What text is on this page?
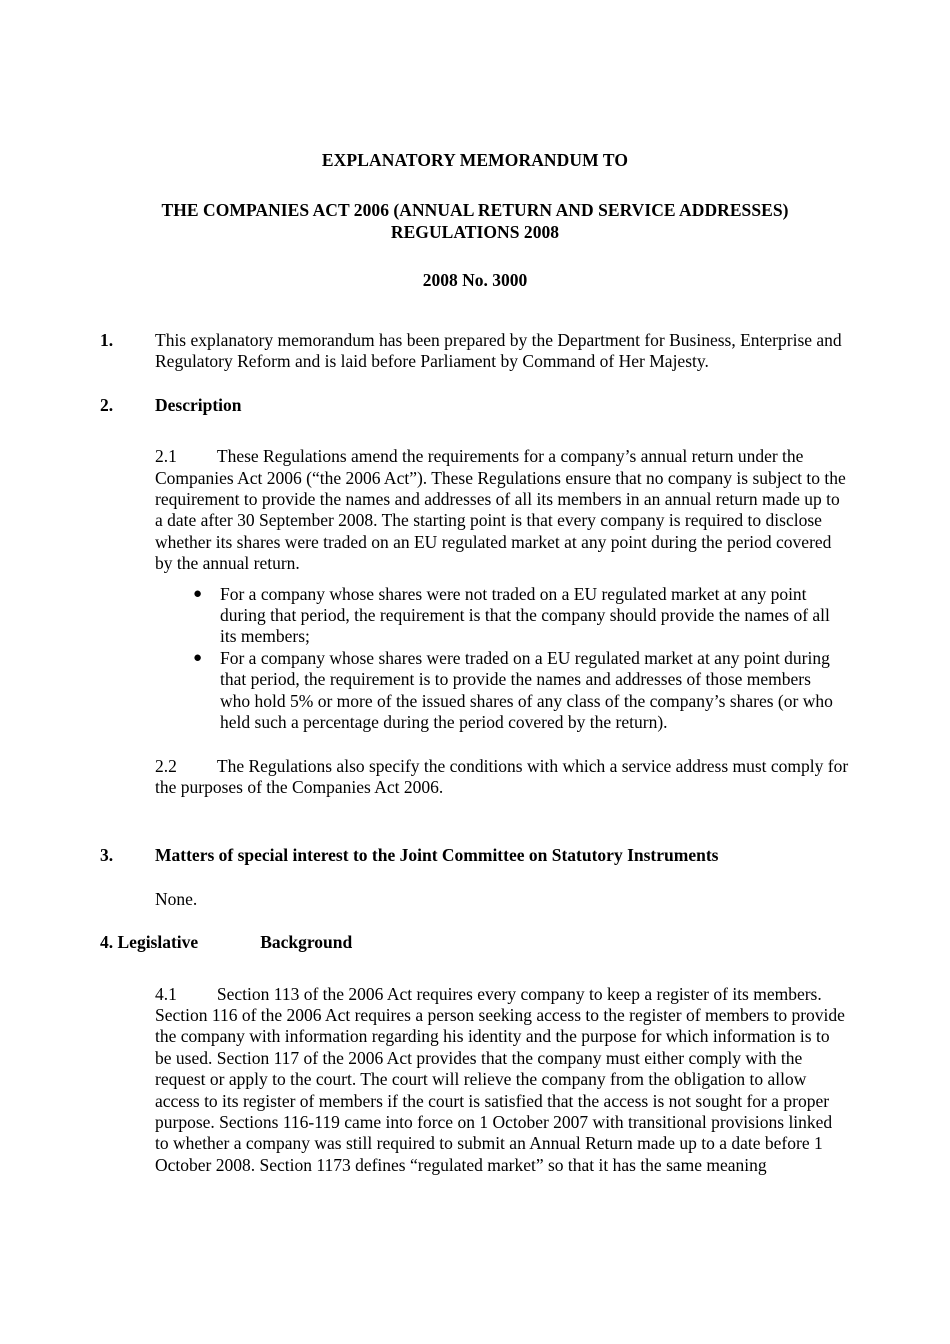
EXPLANATORY MEMORANDUM TO
THE COMPANIES ACT 2006 (ANNUAL RETURN AND SERVICE ADDRESSES)
REGULATIONS 2008
2008 No. 3000
1. This explanatory memorandum has been prepared by the Department for Business, Enterprise and Regulatory Reform and is laid before Parliament by Command of Her Majesty.
2. Description
2.1 These Regulations amend the requirements for a company’s annual return under the Companies Act 2006 (“the 2006 Act”). These Regulations ensure that no company is subject to the requirement to provide the names and addresses of all its members in an annual return made up to a date after 30 September 2008. The starting point is that every company is required to disclose whether its shares were traded on an EU regulated market at any point during the period covered by the annual return.
● For a company whose shares were not traded on a EU regulated market at any point during that period, the requirement is that the company should provide the names of all its members;
● For a company whose shares were traded on a EU regulated market at any point during that period, the requirement is to provide the names and addresses of those members who hold 5% or more of the issued shares of any class of the company’s shares (or who held such a percentage during the period covered by the return).
2.2 The Regulations also specify the conditions with which a service address must comply for the purposes of the Companies Act 2006.
3. Matters of special interest to the Joint Committee on Statutory Instruments
None.
4. Legislative	Background
4.1 Section 113 of the 2006 Act requires every company to keep a register of its members. Section 116 of the 2006 Act requires a person seeking access to the register of members to provide the company with information regarding his identity and the purpose for which information is to be used. Section 117 of the 2006 Act provides that the company must either comply with the request or apply to the court. The court will relieve the company from the obligation to allow access to its register of members if the court is satisfied that the access is not sought for a proper purpose. Sections 116-119 came into force on 1 October 2007 with transitional provisions linked to whether a company was still required to submit an Annual Return made up to a date before 1 October 2008. Section 1173 defines “regulated market” so that it has the same meaning
